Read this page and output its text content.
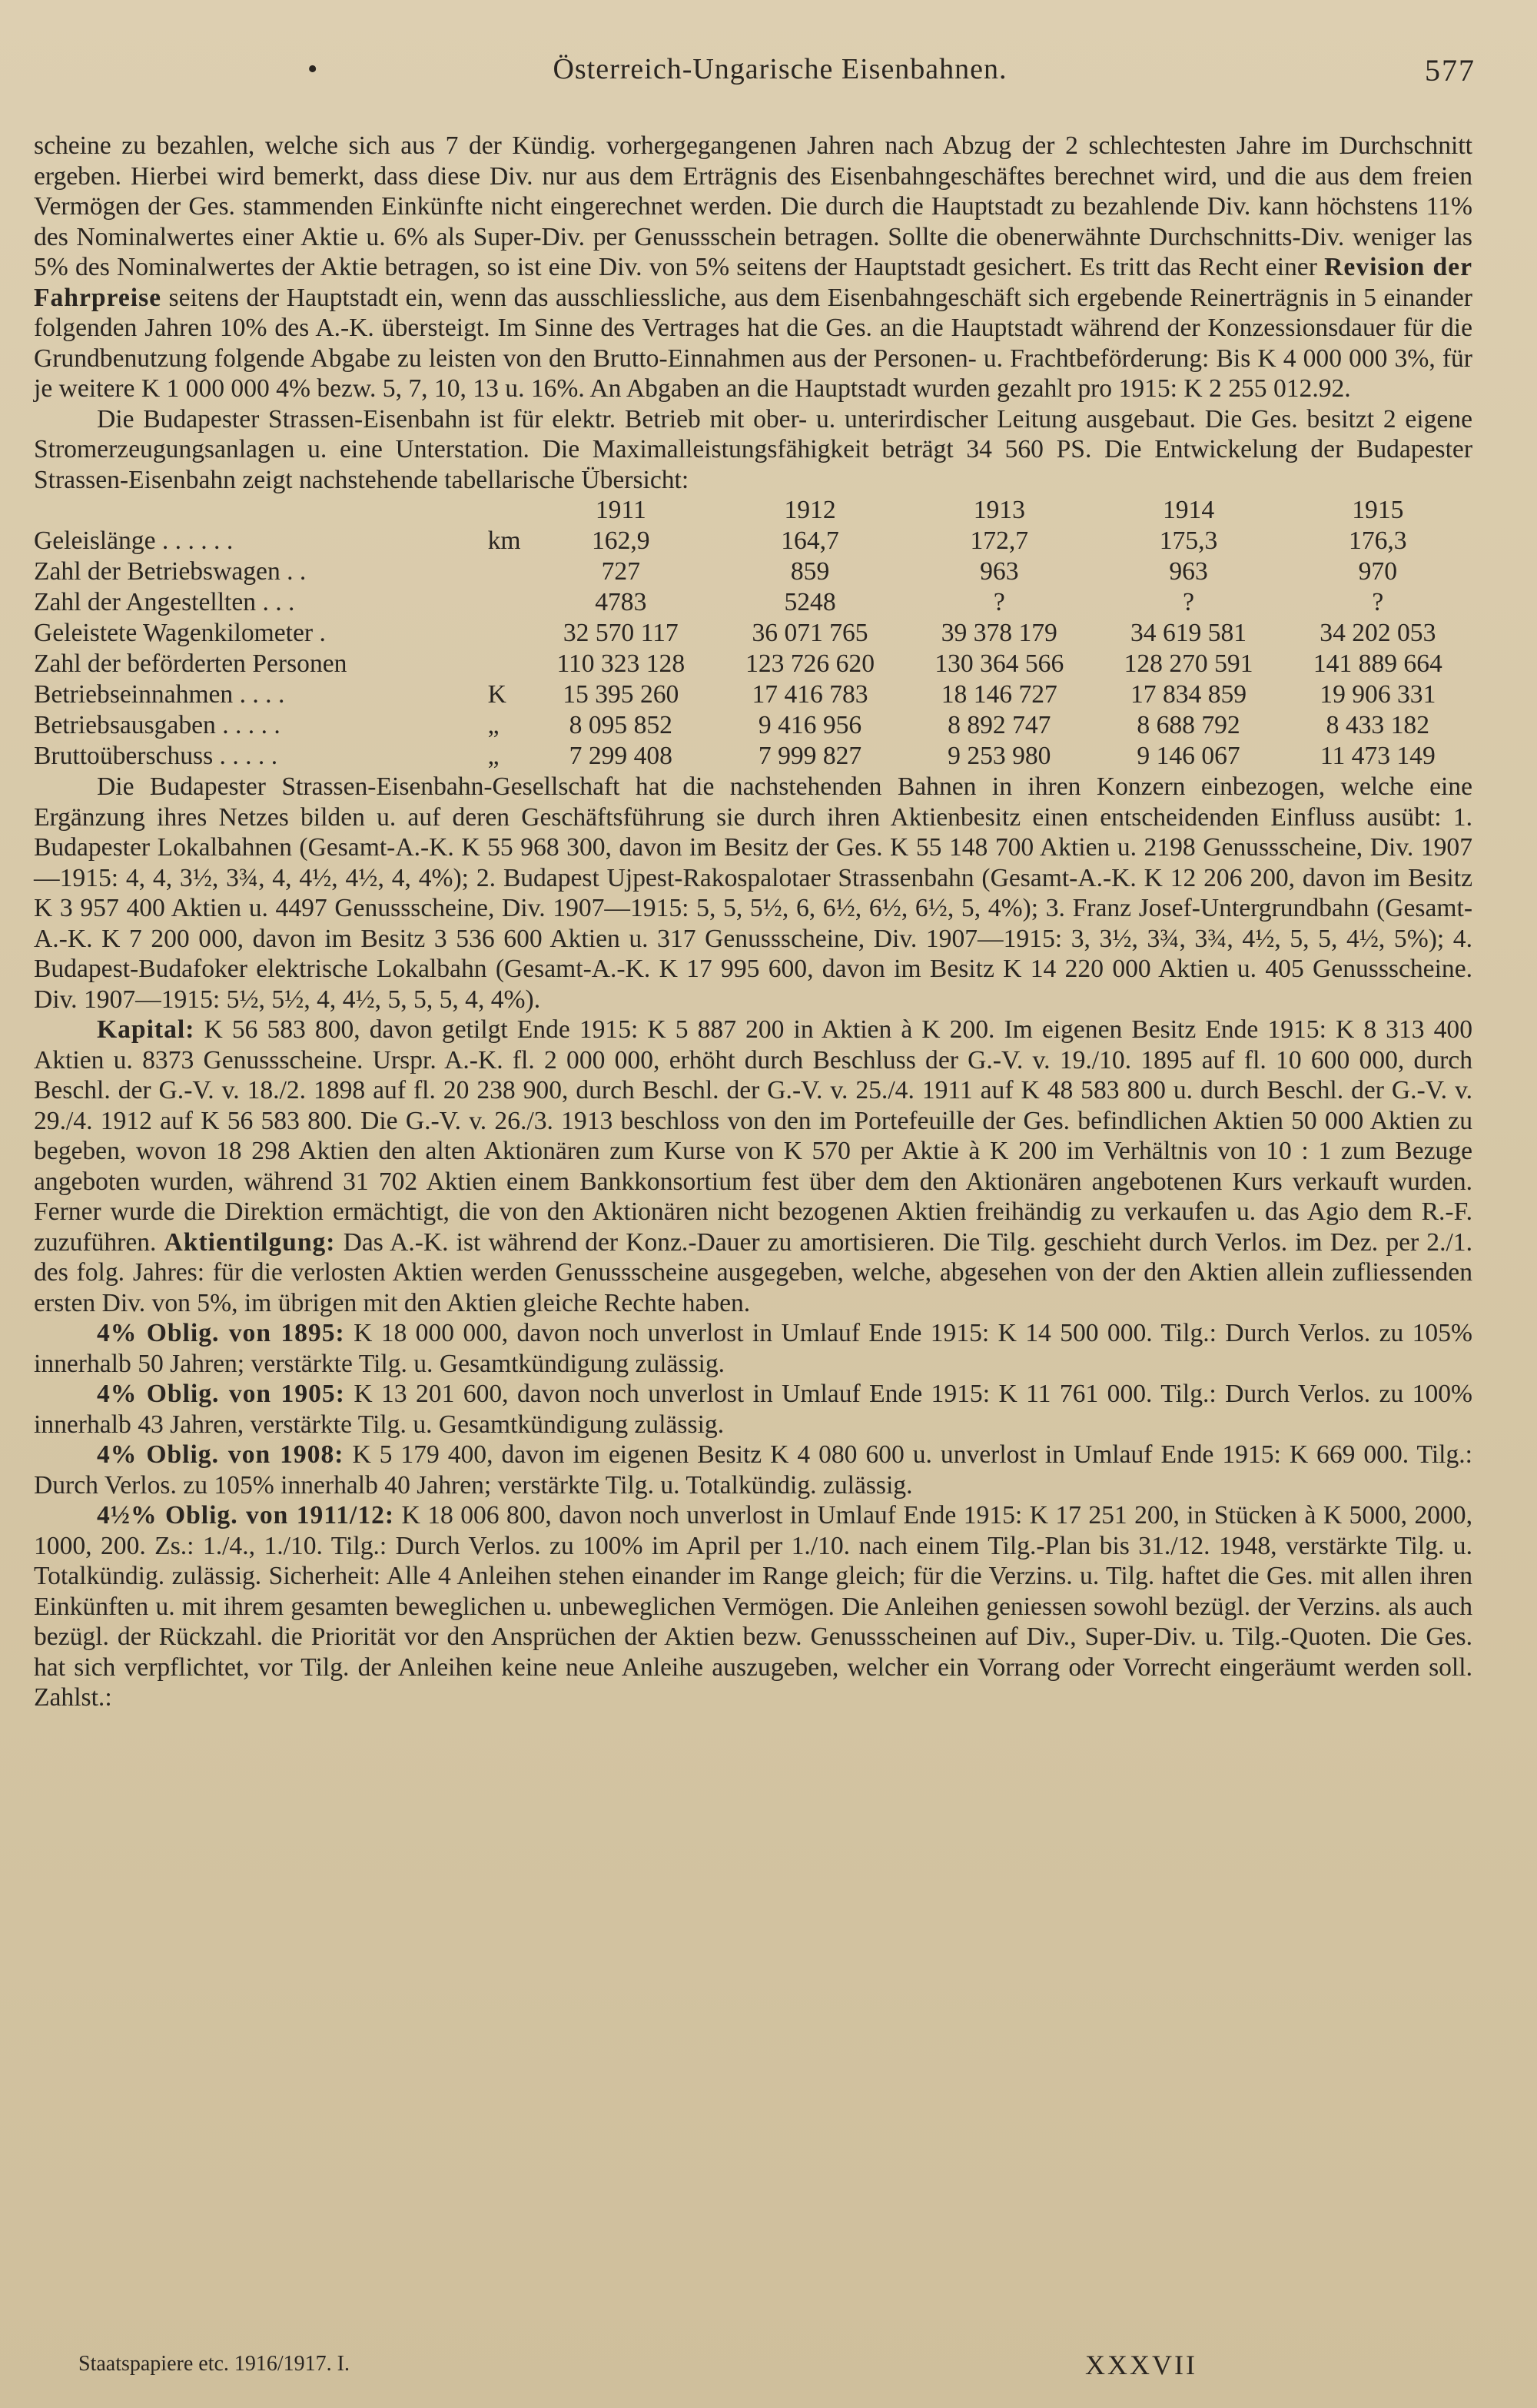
•	Österreich-Ungarische Eisenbahnen.	577

scheine zu bezahlen, welche sich aus 7 der Kündig. vorhergegangenen Jahren nach Abzug der 2 schlechtesten Jahre im Durchschnitt ergeben. Hierbei wird bemerkt, dass diese Div. nur aus dem Erträgnis des Eisenbahngeschäftes berechnet wird, und die aus dem freien Vermögen der Ges. stammenden Einkünfte nicht eingerechnet werden. Die durch die Hauptstadt zu bezahlende Div. kann höchstens 11% des Nominalwertes einer Aktie u. 6% als Super-Div. per Genussschein betragen. Sollte die obenerwähnte Durchschnitts-Div. weniger las 5% des Nominalwertes der Aktie betragen, so ist eine Div. von 5% seitens der Hauptstadt gesichert. Es tritt das Recht einer Revision der Fahrpreise seitens der Hauptstadt ein, wenn das ausschliessliche, aus dem Eisenbahngeschäft sich ergebende Reinerträgnis in 5 einander folgenden Jahren 10% des A.-K. übersteigt. Im Sinne des Vertrages hat die Ges. an die Hauptstadt während der Konzessionsdauer für die Grundbenutzung folgende Abgabe zu leisten von den Brutto-Einnahmen aus der Personen- u. Frachtbeförderung: Bis K 4 000 000 3%, für je weitere K 1 000 000 4% bezw. 5, 7, 10, 13 u. 16%. An Abgaben an die Hauptstadt wurden gezahlt pro 1915: K 2 255 012.92.

Die Budapester Strassen-Eisenbahn ist für elektr. Betrieb mit ober- u. unterirdischer Leitung ausgebaut. Die Ges. besitzt 2 eigene Stromerzeugungsanlagen u. eine Unterstation. Die Maximalleistungsfähigkeit beträgt 34 560 PS. Die Entwickelung der Budapester Strassen-Eisenbahn zeigt nachstehende tabellarische Übersicht:

		1911	1912	1913	1914	1915
Geleislänge . . . . . .	km	162,9	164,7	172,7	175,3	176,3
Zahl der Betriebswagen . .		727	859	963	963	970
Zahl der Angestellten . . .		4783	5248	?	?	?
Geleistete Wagenkilometer .		32 570 117	36 071 765	39 378 179	34 619 581	34 202 053
Zahl der beförderten Personen		110 323 128	123 726 620	130 364 566	128 270 591	141 889 664
Betriebseinnahmen . . . .	K	15 395 260	17 416 783	18 146 727	17 834 859	19 906 331
Betriebsausgaben . . . . .	„	8 095 852	9 416 956	8 892 747	8 688 792	8 433 182
Bruttoüberschuss . . . . .	„	7 299 408	7 999 827	9 253 980	9 146 067	11 473 149

Die Budapester Strassen-Eisenbahn-Gesellschaft hat die nachstehenden Bahnen in ihren Konzern einbezogen, welche eine Ergänzung ihres Netzes bilden u. auf deren Geschäftsführung sie durch ihren Aktienbesitz einen entscheidenden Einfluss ausübt: 1. Budapester Lokalbahnen (Gesamt-A.-K. K 55 968 300, davon im Besitz der Ges. K 55 148 700 Aktien u. 2198 Genussscheine, Div. 1907—1915: 4, 4, 3½, 3¾, 4, 4½, 4½, 4, 4%); 2. Budapest Ujpest-Rakospalotaer Strassenbahn (Gesamt-A.-K. K 12 206 200, davon im Besitz K 3 957 400 Aktien u. 4497 Genussscheine, Div. 1907—1915: 5, 5, 5½, 6, 6½, 6½, 6½, 5, 4%); 3. Franz Josef-Untergrundbahn (Gesamt-A.-K. K 7 200 000, davon im Besitz 3 536 600 Aktien u. 317 Genussscheine, Div. 1907—1915: 3, 3½, 3¾, 3¾, 4½, 5, 5, 4½, 5%); 4. Budapest-Budafoker elektrische Lokalbahn (Gesamt-A.-K. K 17 995 600, davon im Besitz K 14 220 000 Aktien u. 405 Genussscheine. Div. 1907—1915: 5½, 5½, 4, 4½, 5, 5, 5, 4, 4%).

Kapital: K 56 583 800, davon getilgt Ende 1915: K 5 887 200 in Aktien à K 200. Im eigenen Besitz Ende 1915: K 8 313 400 Aktien u. 8373 Genussscheine. Urspr. A.-K. fl. 2 000 000, erhöht durch Beschluss der G.-V. v. 19./10. 1895 auf fl. 10 600 000, durch Beschl. der G.-V. v. 18./2. 1898 auf fl. 20 238 900, durch Beschl. der G.-V. v. 25./4. 1911 auf K 48 583 800 u. durch Beschl. der G.-V. v. 29./4. 1912 auf K 56 583 800. Die G.-V. v. 26./3. 1913 beschloss von den im Portefeuille der Ges. befindlichen Aktien 50 000 Aktien zu begeben, wovon 18 298 Aktien den alten Aktionären zum Kurse von K 570 per Aktie à K 200 im Verhältnis von 10 : 1 zum Bezuge angeboten wurden, während 31 702 Aktien einem Bankkonsortium fest über dem den Aktionären angebotenen Kurs verkauft wurden. Ferner wurde die Direktion ermächtigt, die von den Aktionären nicht bezogenen Aktien freihändig zu verkaufen u. das Agio dem R.-F. zuzuführen. Aktientilgung: Das A.-K. ist während der Konz.-Dauer zu amortisieren. Die Tilg. geschieht durch Verlos. im Dez. per 2./1. des folg. Jahres: für die verlosten Aktien werden Genussscheine ausgegeben, welche, abgesehen von der den Aktien allein zufliessenden ersten Div. von 5%, im übrigen mit den Aktien gleiche Rechte haben.

4% Oblig. von 1895: K 18 000 000, davon noch unverlost in Umlauf Ende 1915: K 14 500 000. Tilg.: Durch Verlos. zu 105% innerhalb 50 Jahren; verstärkte Tilg. u. Gesamtkündigung zulässig.

4% Oblig. von 1905: K 13 201 600, davon noch unverlost in Umlauf Ende 1915: K 11 761 000. Tilg.: Durch Verlos. zu 100% innerhalb 43 Jahren, verstärkte Tilg. u. Gesamtkündigung zulässig.

4% Oblig. von 1908: K 5 179 400, davon im eigenen Besitz K 4 080 600 u. unverlost in Umlauf Ende 1915: K 669 000. Tilg.: Durch Verlos. zu 105% innerhalb 40 Jahren; verstärkte Tilg. u. Totalkündig. zulässig.

4½% Oblig. von 1911/12: K 18 006 800, davon noch unverlost in Umlauf Ende 1915: K 17 251 200, in Stücken à K 5000, 2000, 1000, 200. Zs.: 1./4., 1./10. Tilg.: Durch Verlos. zu 100% im April per 1./10. nach einem Tilg.-Plan bis 31./12. 1948, verstärkte Tilg. u. Totalkündig. zulässig. Sicherheit: Alle 4 Anleihen stehen einander im Range gleich; für die Verzins. u. Tilg. haftet die Ges. mit allen ihren Einkünften u. mit ihrem gesamten beweglichen u. unbeweglichen Vermögen. Die Anleihen geniessen sowohl bezügl. der Verzins. als auch bezügl. der Rückzahl. die Priorität vor den Ansprüchen der Aktien bezw. Genussscheinen auf Div., Super-Div. u. Tilg.-Quoten. Die Ges. hat sich verpflichtet, vor Tilg. der Anleihen keine neue Anleihe auszugeben, welcher ein Vorrang oder Vorrecht eingeräumt werden soll. Zahlst.:

Staatspapiere etc. 1916/1917. I.	XXXVII
